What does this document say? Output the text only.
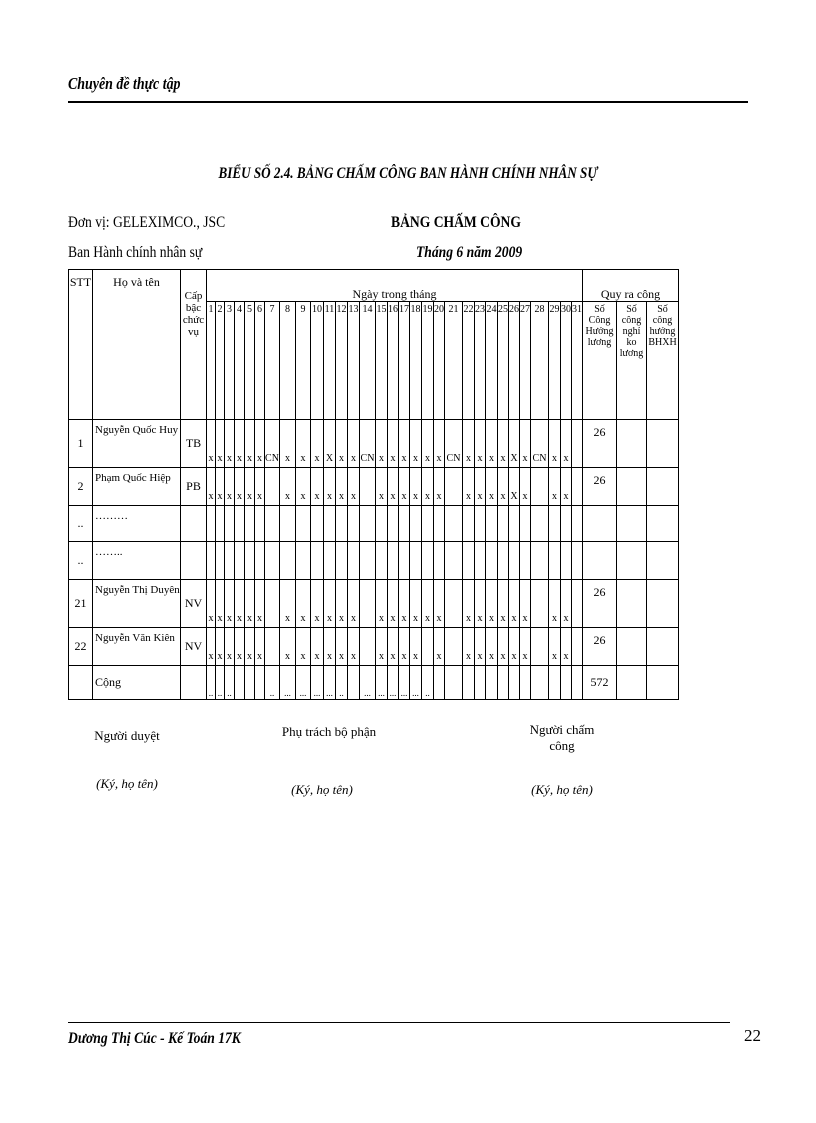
Chuyên đề thực tập
BIỂU SỐ 2.4. BẢNG CHẤM CÔNG BAN HÀNH CHÍNH NHÂN SỰ
Đơn vị: GELEXIMCO., JSC	BẢNG CHẤM CÔNG
Ban Hành chính nhân sự	Tháng 6 năm 2009
STT	Họ và tên	Cấp bậc chức vụ	Ngày trong tháng																															Quy ra công		
			1	2	3	4	5	6	7	8	9	10	11	12	13	14	15	16	17	18	19	20	21	22	23	24	25	26	27	28	29	30	31	Số Công Hưởng lương	Số công nghỉ ko lương	Số công hưởng BHXH
1	Nguyễn Quốc Huy	TB	x	x	x	x	x	x	CN	x	x	x	X	x	x	CN	x	x	x	x	x	x	CN	x	x	x	x	X	x	CN	x	x		26		
2	Phạm Quốc Hiệp	PB	x	x	x	x	x	x		x	x	x	x	x	x		x	x	x	x	x	x		x	x	x	x	X	x		x	x		26		
..	………																																			
..	……..																																			
21	Nguyễn Thị Duyên	NV	x	x	x	x	x	x		x	x	x	x	x	x		x	x	x	x	x	x		x	x	x	x	x	x		x	x		26		
22	Nguyễn Văn Kiên	NV	x	x	x	x	x	x		x	x	x	x	x	x		x	x	x	x		x		x	x	x	x	x	x		x	x		26		
	Cộng		..	..	..				..	...	...	...	...	..		...	...	...	...	...	..													572		
Người duyệt
(Ký, họ tên)
Phụ trách bộ phận
(Ký, họ tên)
Người chấm công
(Ký, họ tên)
Dương Thị Cúc - Kế Toán 17K	22
